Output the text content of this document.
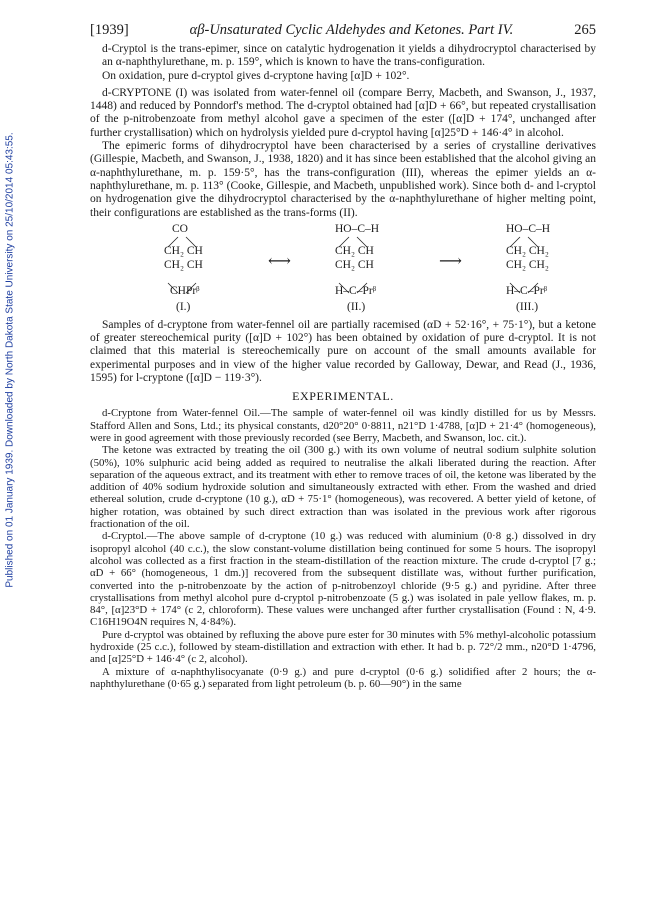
Published on 01 January 1939. Downloaded by North Dakota State University on 25/10/2014 05:43:55.
[1939]	αβ-Unsaturated Cyclic Aldehydes and Ketones. Part IV.	265

d-Cryptol is the trans-epimer, since on catalytic hydrogenation it yields a dihydrocryptol characterised by an α-naphthylurethane, m. p. 159°, which is known to have the trans-configuration.

On oxidation, pure d-cryptol gives d-cryptone having [α]D + 102°.

d-CRYPTONE (I) was isolated from water-fennel oil (compare Berry, Macbeth, and Swanson, J., 1937, 1448) and reduced by Ponndorf's method. The d-cryptol obtained had [α]D + 66°, but repeated crystallisation of the p-nitrobenzoate from methyl alcohol gave a specimen of the ester ([α]D + 174°, unchanged after further crystallisation) which on hydrolysis yielded pure d-cryptol having [α]25°D + 146·4° in alcohol.

The epimeric forms of dihydrocryptol have been characterised by a series of crystalline derivatives (Gillespie, Macbeth, and Swanson, J., 1938, 1820) and it has since been established that the alcohol giving an α-naphthylurethane, m. p. 159·5°, has the trans-configuration (III), whereas the epimer yields an α-naphthylurethane, m. p. 113° (Cooke, Gillespie, and Macbeth, unpublished work). Since both d- and l-cryptol on hydrogenation give the dihydrocryptol characterised by the α-naphthylurethane of higher melting point, their configurations are established as the trans-forms (II).

CO
CH₂ CH
CH₂ CH
CHPrᵝ
(I.)
⟷
HO–C–H
CH₂ CH
CH₂ CH
H–C–Prᵝ
(II.)
⟶
HO–C–H
CH₂ CH₂
CH₂ CH₂
H–C–Prᵝ
(III.)

Samples of d-cryptone from water-fennel oil are partially racemised (αD + 52·16°, + 75·1°), but a ketone of greater stereochemical purity ([α]D + 102°) has been obtained by oxidation of pure d-cryptol. It is not claimed that this material is stereochemically pure on account of the small amounts available for experimental purposes and in view of the higher value recorded by Galloway, Dewar, and Read (J., 1936, 1595) for l-cryptone ([α]D − 119·3°).

EXPERIMENTAL.

d-Cryptone from Water-fennel Oil.—The sample of water-fennel oil was kindly distilled for us by Messrs. Stafford Allen and Sons, Ltd.; its physical constants, d20°20° 0·8811, n21°D 1·4788, [α]D + 21·4° (homogeneous), were in good agreement with those previously recorded (see Berry, Macbeth, and Swanson, loc. cit.).

The ketone was extracted by treating the oil (300 g.) with its own volume of neutral sodium sulphite solution (50%), 10% sulphuric acid being added as required to neutralise the alkali liberated during the reaction. After separation of the aqueous extract, and its treatment with ether to remove traces of oil, the ketone was liberated by the addition of 40% sodium hydroxide solution and simultaneously extracted with ether. From the washed and dried ethereal solution, crude d-cryptone (10 g.), αD + 75·1° (homogeneous), was recovered. A better yield of ketone, of higher rotation, was obtained by such direct extraction than was isolated in the previous work after rigorous fractionation of the oil.

d-Cryptol.—The above sample of d-cryptone (10 g.) was reduced with aluminium (0·8 g.) dissolved in dry isopropyl alcohol (40 c.c.), the slow constant-volume distillation being continued for some 5 hours. The isopropyl alcohol was collected as a first fraction in the steam-distillation of the reaction mixture. The crude d-cryptol [7 g.; αD + 66° (homogeneous, 1 dm.)] recovered from the subsequent distillate was, without further purification, converted into the p-nitrobenzoate by the action of p-nitrobenzoyl chloride (9·5 g.) and pyridine. After three crystallisations from methyl alcohol pure d-cryptol p-nitrobenzoate (5 g.) was isolated in pale yellow flakes, m. p. 84°, [α]23°D + 174° (c 2, chloroform). These values were unchanged after further crystallisation (Found : N, 4·9. C16H19O4N requires N, 4·84%).

Pure d-cryptol was obtained by refluxing the above pure ester for 30 minutes with 5% methyl-alcoholic potassium hydroxide (25 c.c.), followed by steam-distillation and extraction with ether. It had b. p. 72°/2 mm., n20°D 1·4796, and [α]25°D + 146·4° (c 2, alcohol).

A mixture of α-naphthylisocyanate (0·9 g.) and pure d-cryptol (0·6 g.) solidified after 2 hours; the α-naphthylurethane (0·65 g.) separated from light petroleum (b. p. 60—90°) in the same
